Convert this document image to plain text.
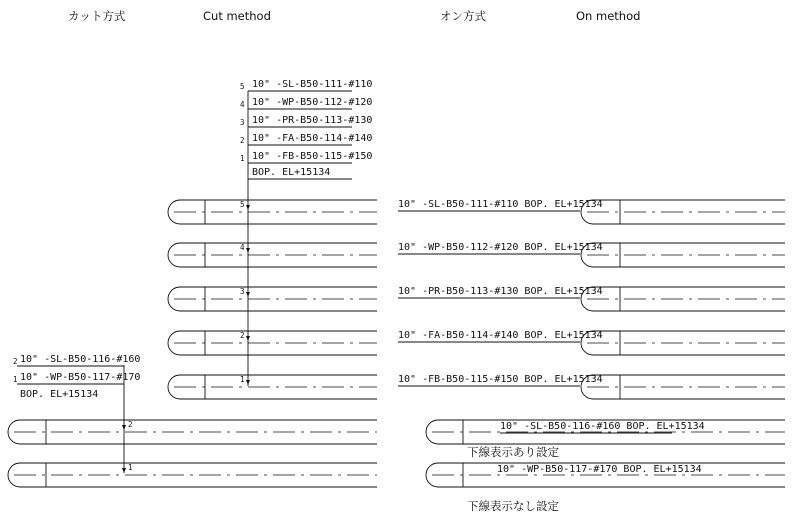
カット方式	Cut method	オン方式	On method
5 10" -SL-B50-111-#110
4 10" -WP-B50-112-#120
3 10" -PR-B50-113-#130
2 10" -FA-B50-114-#140
1 10" -FB-B50-115-#150
BOP. EL+15134
5
4
3
2
1
2 10" -SL-B50-116-#160
1 10" -WP-B50-117-#170
BOP. EL+15134
2
1
10" -SL-B50-111-#110 BOP. EL+15134
10" -WP-B50-112-#120 BOP. EL+15134
10" -PR-B50-113-#130 BOP. EL+15134
10" -FA-B50-114-#140 BOP. EL+15134
10" -FB-B50-115-#150 BOP. EL+15134
10" -SL-B50-116-#160 BOP. EL+15134
下線表示あり設定
10" -WP-B50-117-#170 BOP. EL+15134
下線表示なし設定
